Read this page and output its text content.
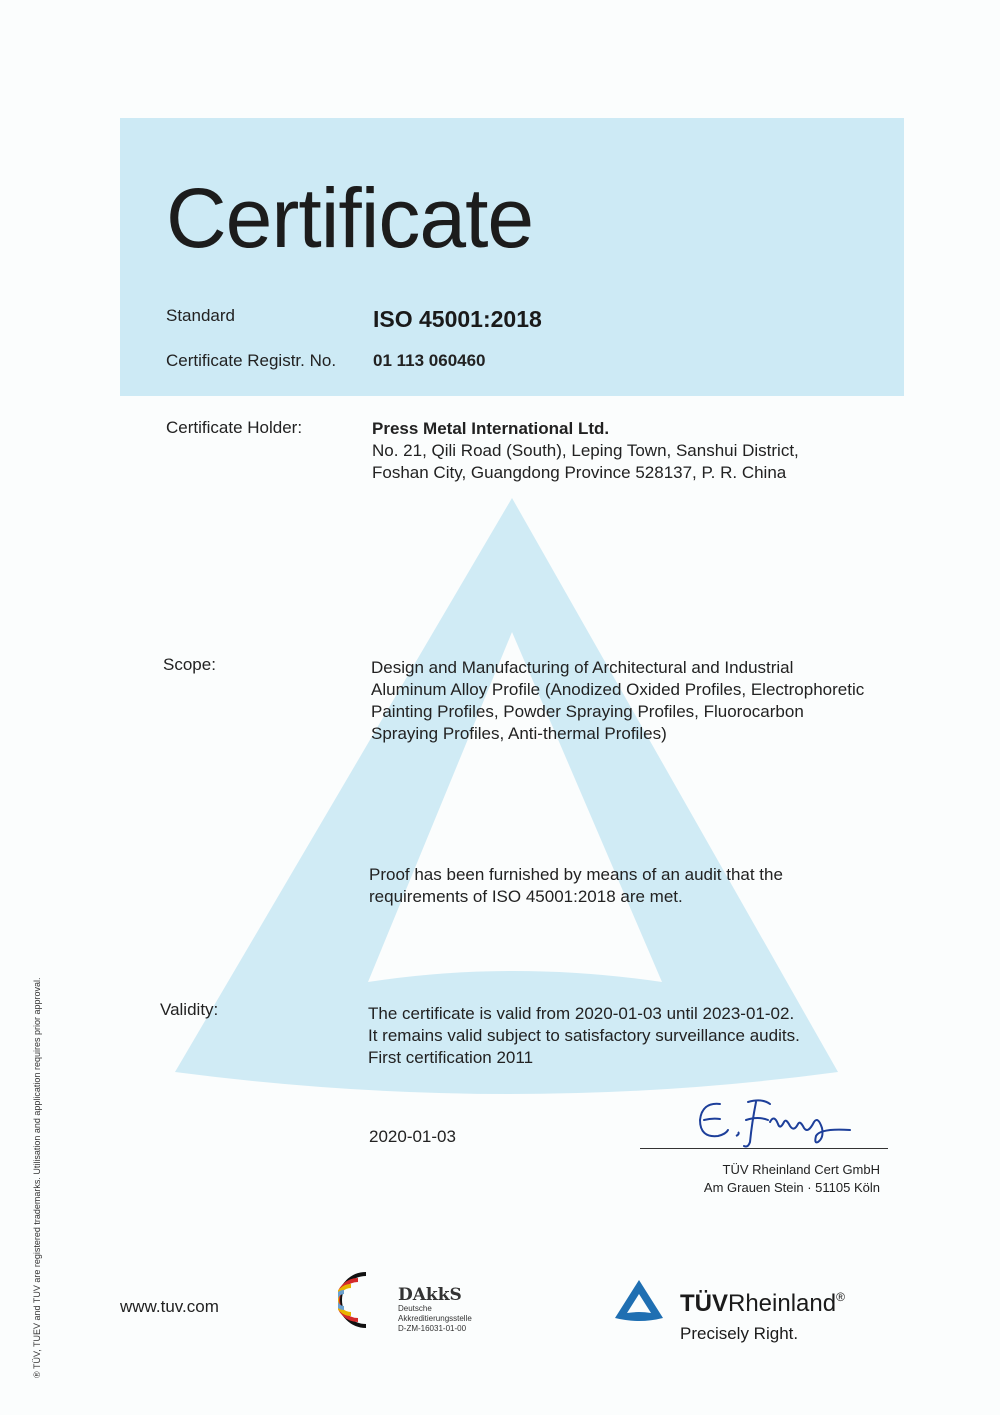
Certificate
Standard	ISO 45001:2018
Certificate Registr. No. 01 113 060460
Certificate Holder:	Press Metal International Ltd.
No. 21, Qili Road (South), Leping Town, Sanshui District,
Foshan City, Guangdong Province 528137, P. R. China
Scope:	Design and Manufacturing of Architectural and Industrial
Aluminum Alloy Profile (Anodized Oxided Profiles, Electrophoretic
Painting Profiles, Powder Spraying Profiles, Fluorocarbon
Spraying Profiles, Anti-thermal Profiles)
Proof has been furnished by means of an audit that the
requirements of ISO 45001:2018 are met.
Validity:	The certificate is valid from 2020-01-03 until 2023-01-02.
It remains valid subject to satisfactory surveillance audits.
First certification 2011
2020-01-03
TÜV Rheinland Cert GmbH
Am Grauen Stein · 51105 Köln
® TÜV, TUEV and TUV are registered trademarks. Utilisation and application requires prior approval.	www.tuv.com
DAkkS
Deutsche
Akkreditierungsstelle
D-ZM-16031-01-00
TÜVRheinland®
Precisely Right.
